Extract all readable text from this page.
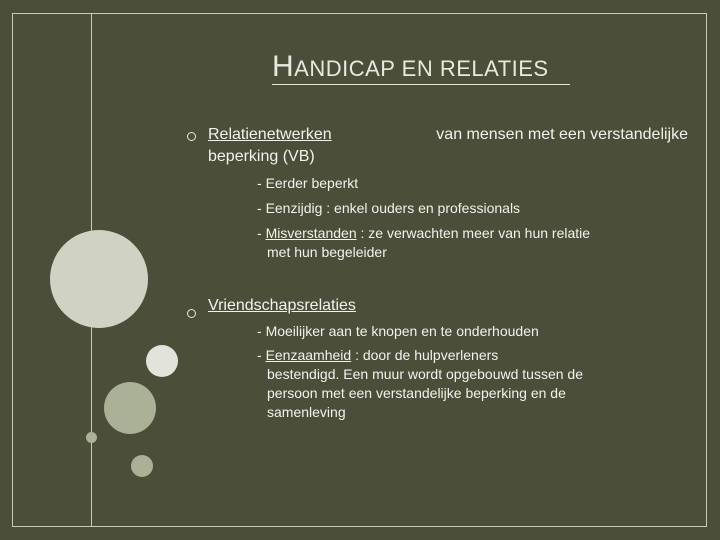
HANDICAP EN RELATIES
Relatienetwerken	van mensen met een verstandelijke
beperking (VB)
- Eerder beperkt
- Eenzijdig : enkel ouders en professionals
- Misverstanden : ze verwachten meer van hun relatie
met hun begeleider
Vriendschapsrelaties
- Moeilijker aan te knopen en te onderhouden
- Eenzaamheid : door de hulpverleners
bestendigd. Een muur wordt opgebouwd tussen de
persoon met een verstandelijke beperking en de
samenleving
